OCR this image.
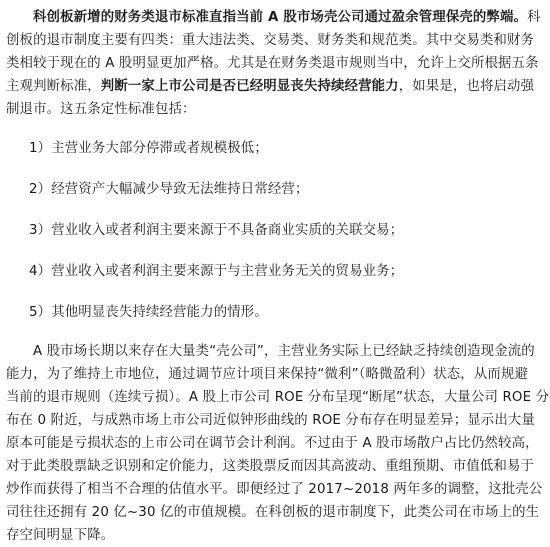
科创板新增的财务类退市标准直指当前 A 股市场壳公司通过盈余管理保壳的弊端。科
创板的退市制度主要有四类：重大违法类、交易类、财务类和规范类。其中交易类和财务
类相较于现在的 A 股明显更加严格。尤其是在财务类退市规则当中，允许上交所根据五条
主观判断标准，判断一家上市公司是否已经明显丧失持续经营能力，如果是，也将启动强
制退市。这五条定性标准包括：
1）主营业务大部分停滞或者规模极低；
2）经营资产大幅减少导致无法维持日常经营；
3）营业收入或者利润主要来源于不具备商业实质的关联交易；
4）营业收入或者利润主要来源于与主营业务无关的贸易业务；
5）其他明显丧失持续经营能力的情形。
A 股市场长期以来存在大量类“壳公司”，主营业务实际上已经缺乏持续创造现金流的
能力，为了维持上市地位，通过调节应计项目来保持“微利”（略微盈利）状态，从而规避
当前的退市规则（连续亏损）。A 股上市公司 ROE 分布呈现“断尾”状态，大量公司 ROE 分
布在 0 附近，与成熟市场上市公司近似钟形曲线的 ROE 分布存在明显差异；显示出大量
原本可能是亏损状态的上市公司在调节会计利润。不过由于 A 股市场散户占比仍然较高，
对于此类股票缺乏识别和定价能力，这类股票反而因其高波动、重组预期、市值低和易于
炒作而获得了相当不合理的估值水平。即便经过了 2017~2018 两年多的调整，这批壳公
司往往还拥有 20 亿~30 亿的市值规模。在科创板的退市制度下，此类公司在市场上的生
存空间明显下降。
